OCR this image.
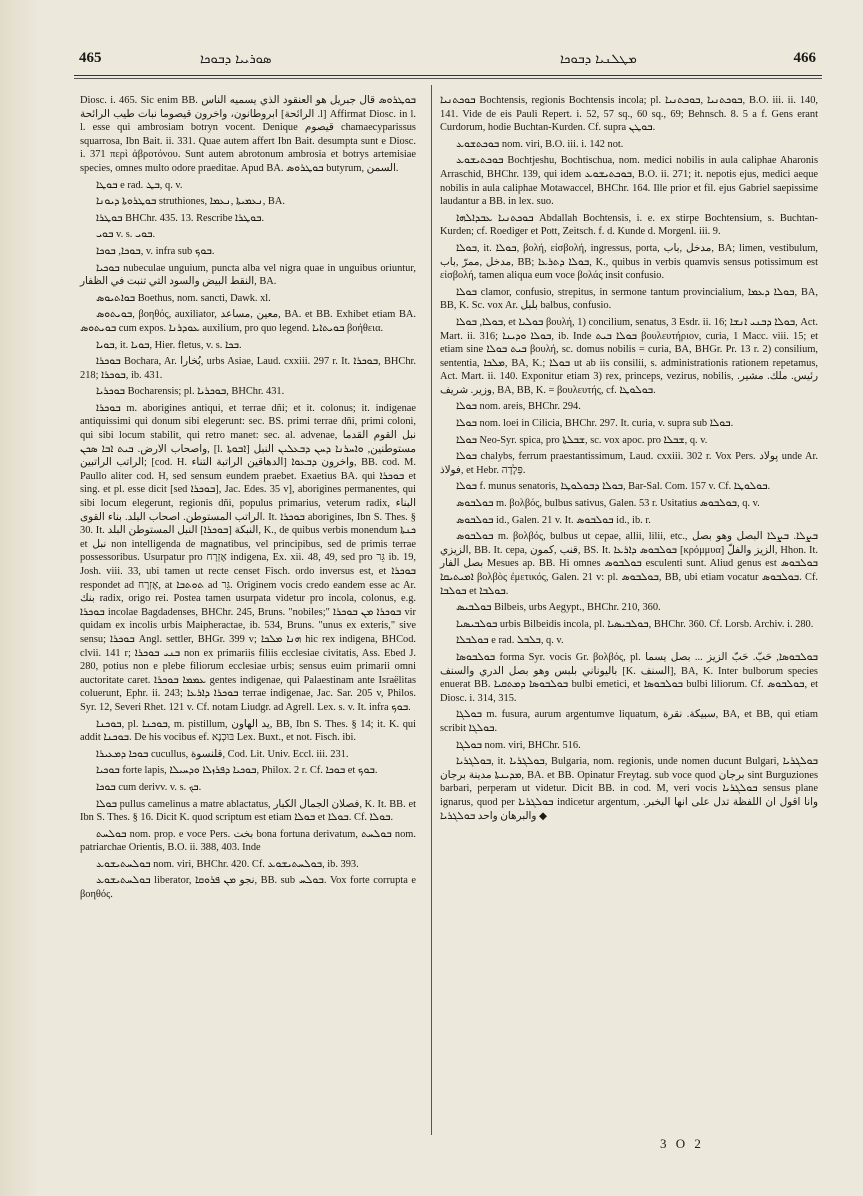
465	ܣܘܪܝܝܐ ܕܒܘܟܐ	ܡܛܠܢܝܐ ܕܒܘܟܐ	466

Diosc. i. 465. Sic enim BB. ܒܘܛܪܘܣ قال جبريل هو العنقود الذي يسميه الناس ابروطانون، واخرون قيصوما نبات طيب الرائحة [الرائحة .l] Affirmat Diosc. in l. l. esse qui ambrosiam botryn vocent. Denique قيصوم chamaecyparissus squarrosa, Ibn Bait. ii. 331. Quae autem affert Ibn Bait. desumpta sunt e Diosc. i. 371 περὶ ἀβροτόνου. Sunt autem abrotonum ambrosia et botrys artemisiae species, omnes multo odore praeditae. Apud BA. ܒܘܛܪܘܣ butyrum, السمن.

ܒܘܛܐ e rad. ܒܛ, q. v.

ܒܘܛܪܘܬܐ ܕܝܘܢܐ struthiones, ܢܥܡܝܬܐ ,ܢܥܡܐ, BA.

ܒܘܛܪܐ BHChr. 435. 13. Rescribe ܒܘܛܪܐ.

ܒܘܝ v. s. ܒܘܝ.

ܒܘܟܐ, ܒܘܟܐ, v. infra sub ܒܘܟ.

ܒܘܟܝܐ nubeculae unguium, puncta alba vel nigra quae in unguibus oriuntur, النقط البيض والسود التي تنبت في الظفار, BA.

ܒܘܐܬܝܘܣ Boethus, nom. sancti, Dawk. xl.

ܒܘܝܬܘܣ, βοηθός, auxiliator, معين ,مساعد, BA. et BB. Exhibet etiam BA. ܒܘܝܬܘܣ cum expos. ܥܘܕܪܢܐ auxilium, pro quo legend. ܒܘܝܬܐܝܐ βοήθεια.

ܒܘܝܐ, it. ܒܘܝܐ, Hier. fletus, v. s. ܒܟܐ.

ܒܘܟܪܐ Bochara, Ar. بُخارا, urbs Asiae, Laud. cxxiii. 297 r. It. ܒܘܟܪܐ, BHChr. 218; ܒܘܟܪܐ, ib. 431.

ܒܘܟܪܝܐ Bocharensis; pl. ܒܘܟܪܝܐ, BHChr. 431.

ܒܘܟܪܐ m. aborigines antiqui, et terrae dñi; et it. colonus; it. indigenae antiquissimi qui donum sibi elegerunt: sec. BS. primi terrae dñi, primi coloni, qui sibi locum stabilit, qui retro manet: sec. al. advenae, نبل القوم القدما واصحاب الارض. ܒܝܬ ܐܒܐ ܣܟܢ, [l. ܐܒܘܬܐ] مستوطنين, ܘܐܚܪܢܐ ܕܚܢ ܕܒܥܠܝܢ النبل الراتب الراتبين; [cod. H. الدهاقين الراتبة التناء] واخرون ܕܒܥܘܐ, BB. cod. M. Paullo aliter cod. H, sed sensum eundem praebet. Exaetius BA. qui ܒܘܟܪܐ et sing. et pl. esse dicit [sed ܒܘܟܪܐ], Jac. Edes. 35 v], aborigines permanentes, qui sibi locum elegerunt, regionis dñi, populus primarius, veterum radix, البناء الراتب المستوطن. اصحاب البلد. بناء القوى. It. ܒܘܟܪܐ aborigines, Ibn S. Thes. § 30. It. النبكة [ܒܘܟܪܐ] النبل المستوطن البلد, K., de quibus verbis monendum ܟܢܬܐ et نبل non intelligenda de magnatibus, vel principibus, sed de primis terrae possessoribus. Usurpatur pro אֶזְרָח indigena, Ex. xii. 48, 49, sed pro גֵּר ib. 19, Josh. viii. 33, ubi tamen ut recte censet Fisch. ordo inversus est, et ܒܘܟܪܐ respondet ad אֶזְרָח, at ܬܘܬܒܐ ad גֵּר. Originem vocis credo eandem esse ac Ar. بنك radix, origo rei. Postea tamen usurpata videtur pro incola, colonus, e.g. ܒܘܟܪܐ incolae Bagdadenses, BHChr. 245, Bruns. "nobiles;" ܒܘܟܪܐ ܡܢ ܒܘܟܪܐ vir quidam ex incolis urbis Maipheractae, ib. 534, Bruns. "unus ex exteris," sive sensu; ܒܘܟܪܐ Angl. settler, BHGr. 399 v; ܗܢܐ ܡܠܟܐ hic rex indigena, BHCod. clvii. 141 r; ܒܢܝ ܒܘܟܪܐ non ex primariis filiis ecclesiae civitatis, Ass. Ebed J. 280, potius non e plebe filiorum ecclesiae urbis; sensus euim primarii omni auctoritate caret. ܥܡܡܐ ܒܘܟܪܐ gentes indigenae, qui Palaestinam ante Israëlitas coluerunt, Ephr. ii. 243; ܒܘܟܪܐ ܕܐܪܥܐ terrae indigenae, Jac. Sar. 205 v, Philos. Syr. 12, Severi Rhet. 121 v. Cf. notam Liudgr. ad Agrell. Lex. s. v. It. infra ܒܘܟ.

ܒܘܟܢܐ, pl. ܒܘܟܢܐ, m. pistillum, يد الهاون, BB, Ibn S. Thes. § 14; it. K. qui addit ܒܘܟܢܐ. De his vocibus ef. בּוּכְנָא Lex. Buxt., et not. Fisch. ibi.

ܒܘܟܐ ܕܡܥܝܪܐ cucullus, قلنسوة, Cod. Lit. Univ. Eccl. iii. 231.

ܒܘܟܝܐ forte lapis, ܒܘܟܝܐ ܕܦܪܙܠܐ ܘܕܚܝܠܐ, Philox. 2 r. Cf. ܒܘܟܐ et ܒܘܟ.

ܒܘܟܐ cum derivv. v. s. ܒܟ.

ܒܘܠܐ pullus camelinus a matre ablactatus, فصلان الجمال الكبار, K. It. BB. et Ibn S. Thes. § 16. Dicit K. quod scriptum est etiam ܒܘܠܐ et ܒܘܠܐ. Cf. ܒܘܠܐ.

ܒܘܠܚܬ nom. prop. e voce Pers. بخت bona fortuna derivatum, ܒܘܠܚܬ nom. patriarchae Orientis, B.O. ii. 388, 403. Inde

ܒܘܠܚܬܝܫܘܥ nom. viri, BHChr. 420. Cf. ܒܘܠܚܬܝܫܘܥ, ib. 393.

ܒܘܠܚܬܝܫܘܥ liberator, نجو ܡܢ ܦܪܘܩܐ, BB. sub ܒܘܠܚ. Vox forte corrupta e βοηθός.

ܒܘܟܬܢܝܐ Bochtensis, regionis Bochtensis incola; pl. ܒܘܟܬܢܝܐ ,ܒܘܟܬܢܝܐ, B.O. iii. ii. 140, 141. Vide de eis Pauli Repert. i. 52, 57 sq., 60 sq., 69; Behnsch. 8. 5 a f. Gens erant Curdorum, hodie Buchtan-Kurden. Cf. supra ܒܘܛܢ.

ܒܘܟܬܫܘܥ nom. viri, B.O. iii. i. 142 not.

ܒܘܟܬܝܫܘܥ Bochtjeshu, Bochtischua, nom. medici nobilis in aula caliphae Aharonis Arraschid, BHChr. 139, qui idem ܒܘܟܬܝܫܘܥ, B.O. ii. 271; it. nepotis ejus, medici aeque nobilis in aula caliphae Motawaccel, BHChr. 164. Ille prior et fil. ejus Gabriel saepissime laudantur a BB. in lex. suo.

ܒܘܟܬܢܝܐ ܥܒܕܐܠܗܐ Abdallah Bochtensis, i. e. ex stirpe Bochtensium, s. Buchtan-Kurden; cf. Roediger et Pott, Zeitsch. f. d. Kunde d. Morgenl. iii. 9.

ܒܘܠܐ, it. ܒܘܠܐ, βολή, εἰσβολή, ingressus, porta, مدخل ,باب, BA; limen, vestibulum, مدخل ,ممرّ ,باب, BB; ܒܘܠܐ ܕܬܪܥܐ, K., quibus in verbis quamvis sensus potissimum est εἰσβολή, tamen aliqua eum voce βολάς insit confusio.

ܒܘܠܐ clamor, confusio, strepitus, in sermone tantum provincialium, ܒܘܠܐ ܕܥܡܐ, BA, BB, K. Sc. vox Ar. بلبل balbus, confusio.

ܒܘܠܐ, ܒܘܠܐ, et ܒܘܠܝܐ βουλή, 1) concilium, senatus, 3 Esdr. ii. 16; ܒܘܠܐ ܕܒܢܝ ܐܢܫܐ, Act. Mart. ii. 316; ܒܘܠܐ ܘܕܝܢܐ, ib. Inde ܒܘܠܐ ܒܝܬ βουλευτήριον, curia, 1 Macc. viii. 15; et etiam sine ܒܝܬ ܒܘܠܐ βουλή, sc. domus nobilis = curia, BA, BHGr. Pr. 13 r. 2) consilium, sententia, ܡܠܟܐ, BA, K.; ܒܘܠܐ ut ab iis consilii, s. administrationis rationem repetamus, Act. Mart. ii. 140. Exponitur etiam 3) rex, princeps, vezirus, nobilis, رئيس. ملك. مشير. وزير. شريف, BA, BB, K. = βουλευτής, cf. ܒܘܠܘܛܐ.

ܒܘܠܐ nom. areis, BHChr. 294.

ܒܘܠܐ nom. loei in Cilicia, BHChr. 297. It. curia, v. supra sub ܒܘܠܐ.

ܒܘܠܐ Neo-Syr. spica, pro ܫܒܠܬܐ, sc. vox apoc. pro ܫܒܠܐ, q. v.

ܒܘܠܐ chalybs, ferrum praestantissimum, Laud. cxxiii. 302 r. Vox Pers. پولاد unde Ar. فولاذ, et Hebr. פְּלָדָה.

ܒܘܠܐ f. munus senatoris, ܒܘܠܐ ܕܒܘܠܘܛܐ, Bar-Sal. Com. 157 v. Cf. ܒܘܠܘܛܐ.

ܒܘܠܒܘܣ m. βολβός, bulbus sativus, Galen. 53 r. Usitatius ܒܘܠܒܘܣ, q. v.

ܒܘܠܒܘܣ id., Galen. 21 v. It. ܒܘܠܒܘܣ id., ib. r.

ܒܘܠܒܘܣ m. βολβός, bulbus ut cepae, allii, lilii, etc., ܒܨܠܐ. ܒܨܠܐ البصل وهو بصل الزيزي, BB. It. cepa, قنب ,كمون, BS. It. ܒܘܠܒܘܣ ܕܐܪܥܐ [κρόμμυα] الزيز والفلّ, Hhon. It. بصل الفار Mesues ap. BB. Hi omnes ܒܘܠܒܘܣ esculenti sunt. Aliud genus est ܒܘܠܒܘܣ ܐܡܝܬܝܩܐ βολβὸς ἐμετικός, Galen. 21 v: pl. ܒܘܠܒܘܣ, BB, ubi etiam vocatur ܒܘܠܒܘܣ. Cf. ܒܘܠܒܐ et ܒܘܠܒܐ.

ܒܘܠܒܝܣ Bilbeis, urbs Aegypt., BHChr. 210, 360.

ܒܘܠܒܝܣܝܐ urbis Bilbeidis incola, pl. ܒܘܠܒܝܣܝܐ, BHChr. 360. Cf. Lorsb. Archiv. i. 280.

ܒܘܠܒܠܐ e rad. ܒܠܒܠ, q. v.

ܒܘܠܒܘܣܐ forma Syr. vocis Gr. βολβός, pl. ܒܘܠܒܘܣܐ, حَبّ. حَبّ الزيز ... بصل يسما باليوناني بلبس وهو بصل الدري والسنف [K. السنف], BA, K. Inter bulborum species enuerat BB. ܒܘܠܒܘܣܐ ܕܡܬܩܝܐ bulbi emetici, et ܒܘܠܒܘܣܐ bulbi liliorum. Cf. ܒܘܠܒܘܣ, et Diosc. i. 314, 315.

ܒܘܠܓܐ m. fusura, aurum argentumve liquatum, سبيكة. نقرة, BA, et BB, qui etiam scribit ܒܘܠܓܐ.

ܒܘܠܓܐ nom. viri, BHChr. 516.

ܒܘܠܓܪܝܐ, it. ܒܘܠܓܪܝܐ, Bulgaria, nom. regionis, unde nomen ducunt Bulgari, ܒܘܠܓܪܝܐ ܡܕܝܢܬܐ مدينة برجان, BA. et BB. Opinatur Freytag. sub voce quod برجان sint Burguziones barbari, perperam ut videtur. Dicit BB. in cod. M, veri vocis ܒܘܠܓܪܝܐ sensus plane ignarus, quod per ܒܘܠܓܪܝܐ indicetur argentum, وانا اقول ان اللفظة تدل على انها البخبر. والبرهان واحد ܒܘܠܓܪܝܐ ◆

3 O 2
